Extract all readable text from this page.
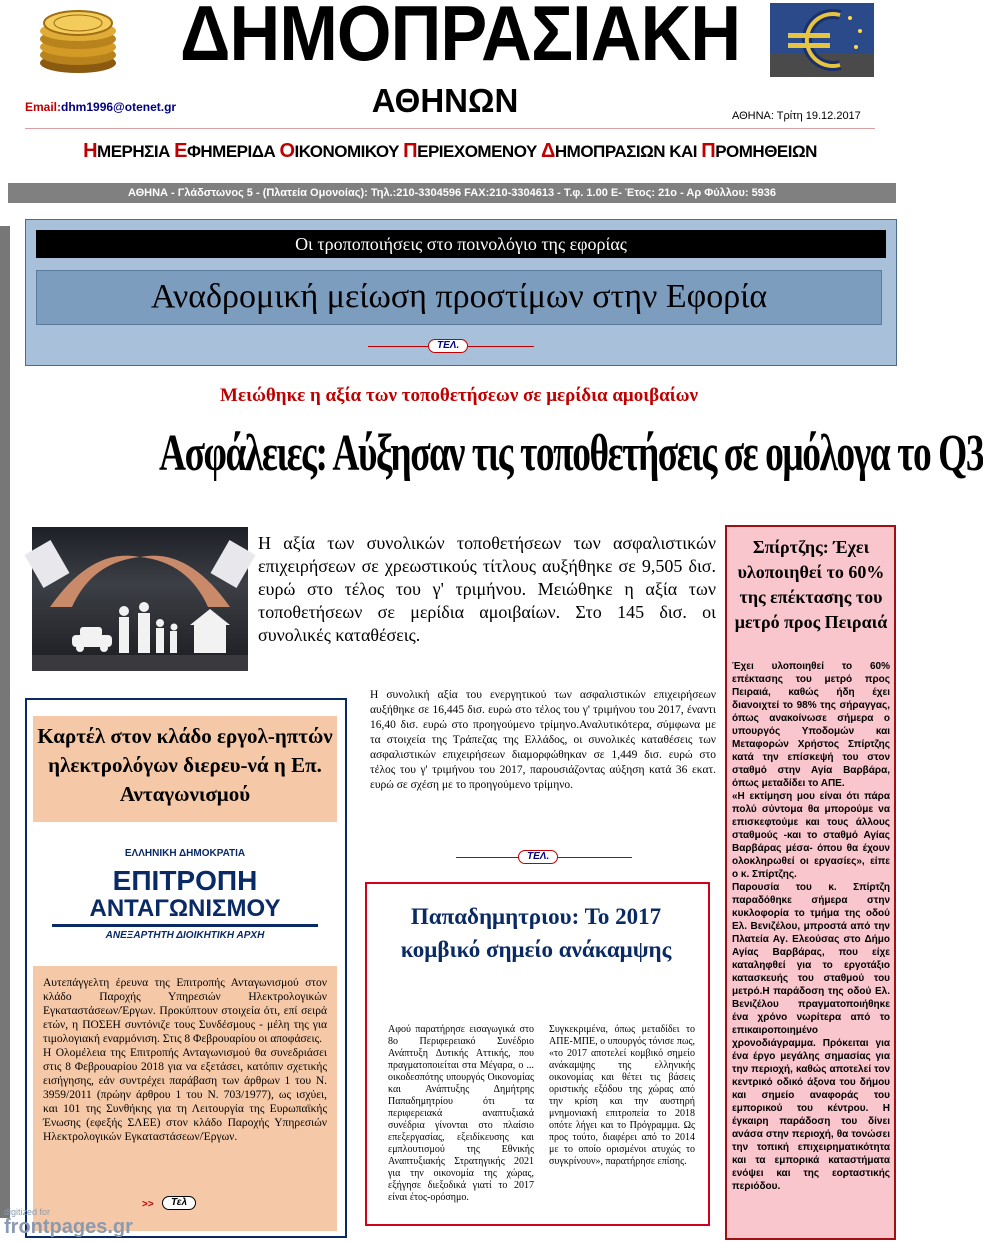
ΔΗΜΟΠΡΑΣΙΑΚΗ
ΑΘΗΝΩΝ
Email:dhm1996@otenet.gr
ΑΘΗΝΑ: Τρίτη 19.12.2017
ΗΜΕΡΗΣΙΑ ΕΦΗΜΕΡΙΔΑ ΟΙΚΟΝΟΜΙΚΟΥ ΠΕΡΙΕΧΟΜΕΝΟΥ ΔΗΜΟΠΡΑΣΙΩΝ ΚΑΙ ΠΡΟΜΗΘΕΙΩΝ
ΑΘΗΝΑ - Γλάδστωνος 5 - (Πλατεία Ομονοίας): Τηλ.:210-3304596 FAX:210-3304613 - Τ.φ. 1.00 Ε- Έτος: 21ο - Αρ Φύλλου: 5936
Οι τροποποιήσεις στο ποινολόγιο της εφορίας
Αναδρομική μείωση προστίμων στην Εφορία
ΤΕΛ.
Μειώθηκε η αξία των τοποθετήσεων σε μερίδια αμοιβαίων
Ασφάλειες: Αύξησαν τις τοποθετήσεις σε ομόλογα το Q3
Η αξία των συνολικών τοποθετήσεων των ασφαλιστικών επιχειρήσεων σε χρεωστικούς τίτλους αυξήθηκε σε 9,505 δισ. ευρώ στο τέλος του γ' τριμήνου. Μειώθηκε η αξία των τοποθετήσεων σε μερίδια αμοιβαίων. Στο 145 δισ. οι συνολικές καταθέσεις.
Η συνολική αξία του ενεργητικού των ασφαλιστικών επιχειρήσεων αυξήθηκε σε 16,445 δισ. ευρώ στο τέλος του γ' τριμήνου του 2017, έναντι 16,40 δισ. ευρώ στο προηγούμενο τρίμηνο.Αναλυτικότερα, σύμφωνα με τα στοιχεία της Τράπεζας της Ελλάδος, οι συνολικές καταθέσεις των ασφαλιστικών επιχειρήσεων διαμορφώθηκαν σε 1,449 δισ. ευρώ στο τέλος του γ' τριμήνου του 2017, παρουσιάζοντας αύξηση κατά 36 εκατ. ευρώ σε σχέση με το προηγούμενο τρίμηνο.
ΤΕΛ.
Καρτέλ στον κλάδο εργολ-ηπτών ηλεκτρολόγων διερευ-νά η Επ. Ανταγωνισμού
ΕΛΛΗΝΙΚΗ ΔΗΜΟΚΡΑΤΙΑ
ΕΠΙΤΡΟΠΗ
ΑΝΤΑΓΩΝΙΣΜΟΥ
ΑΝΕΞΑΡΤΗΤΗ ΔΙΟΙΚΗΤΙΚΗ ΑΡΧΗ

Αυτεπάγγελτη έρευνα της Επιτροπής Ανταγωνισμού στον κλάδο Παροχής Υπηρεσιών Ηλεκτρολογικών Εγκαταστάσεων/Έργων. Προκύπτουν στοιχεία ότι, επί σειρά ετών, η ΠΟΣΕΗ συντόνιζε τους Συνδέσμους - μέλη της για τιμολογιακή εναρμόνιση. Στις 8 Φεβρουαρίου οι αποφάσεις.

Η Ολομέλεια της Επιτροπής Ανταγωνισμού θα συνεδριάσει στις 8 Φεβρουαρίου 2018 για να εξετάσει, κατόπιν σχετικής εισήγησης, εάν συντρέχει παράβαση των άρθρων 1 του Ν. 3959/2011 (πρώην άρθρου 1 του Ν. 703/1977), ως ισχύει, και 101 της Συνθήκης για τη Λειτουργία της Ευρωπαϊκής Ένωσης (εφεξής ΣΛΕΕ) στον κλάδο Παροχής Υπηρεσιών Ηλεκτρολογικών Εγκαταστάσεων/Έργων.

>>	Τελ
Παπαδημητριου: Το 2017 κομβικό σημείο ανάκαμψης
Αφού παρατήρησε εισαγωγικά στο 8ο Περιφερειακό Συνέδριο Ανάπτυξη Δυτικής Αττικής, που πραγματοποιείται στα Μέγαρα, ο ... οικοδεσπότης υπουργός Οικονομίας και Ανάπτυξης Δημήτρης Παπαδημητρίου ότι τα περιφερειακά αναπτυξιακά συνέδρια γίνονται στο πλαίσιο επεξεργασίας, εξειδίκευσης και εμπλουτισμού της Εθνικής Αναπτυξιακής Στρατηγικής 2021 για την οικονομία της χώρας, εξήγησε διεξοδικά γιατί το 2017 είναι έτος-ορόσημο.
Συγκεκριμένα, όπως μεταδίδει το ΑΠΕ-ΜΠΕ, ο υπουργός τόνισε πως, «το 2017 αποτελεί κομβικό σημείο ανάκαμψης της ελληνικής οικονομίας και θέτει τις βάσεις οριστικής εξόδου της χώρας από την κρίση και την αυστηρή μνημονιακή επιτροπεία το 2018 οπότε λήγει και το Πρόγραμμα. Ως προς τούτο, διαφέρει από το 2014 με το οποίο ορισμένοι ατυχώς το συγκρίνουν», παρατήρησε επίσης.
Σπίρτζης: Έχει υλοποιηθεί το 60% της επέκτασης του μετρό προς Πειραιά

Έχει υλοποιηθεί το 60% επέκτασης του μετρό προς Πειραιά, καθώς ήδη έχει διανοιχτεί το 98% της σήραγγας, όπως ανακοίνωσε σήμερα ο υπουργός Υποδομών και Μεταφορών Χρήστος Σπίρτζης κατά την επίσκεψή του στον σταθμό στην Αγία Βαρβάρα, όπως μεταδίδει το ΑΠΕ.

«Η εκτίμηση μου είναι ότι πάρα πολύ σύντομα θα μπορούμε να επισκεφτούμε και τους άλλους σταθμούς -και το σταθμό Αγίας Βαρβάρας μέσα- όπου θα έχουν ολοκληρωθεί οι εργασίες», είπε ο κ. Σπίρτζης.

Παρουσία του κ. Σπίρτζη παραδόθηκε σήμερα στην κυκλοφορία το τμήμα της οδού Ελ. Βενιζέλου, μπροστά από την Πλατεία Αγ. Ελεούσας στο Δήμο Αγίας Βαρβάρας, που είχε καταληφθεί για το εργοτάξιο κατασκευής του σταθμού του μετρό.Η παράδοση της οδού Ελ. Βενιζέλου πραγματοποιήθηκε ένα χρόνο νωρίτερα από το επικαιροποιημένο χρονοδιάγραμμα. Πρόκειται για ένα έργο μεγάλης σημασίας για την περιοχή, καθώς αποτελεί τον κεντρικό οδικό άξονα του δήμου και σημείο αναφοράς του εμπορικού του κέντρου. Η έγκαιρη παράδοση του δίνει ανάσα στην περιοχή, θα τονώσει την τοπική επιχειρηματικότητα και τα εμπορικά καταστήματα ενόψει και της εορταστικής περιόδου.

digitized for
frontpages.gr
